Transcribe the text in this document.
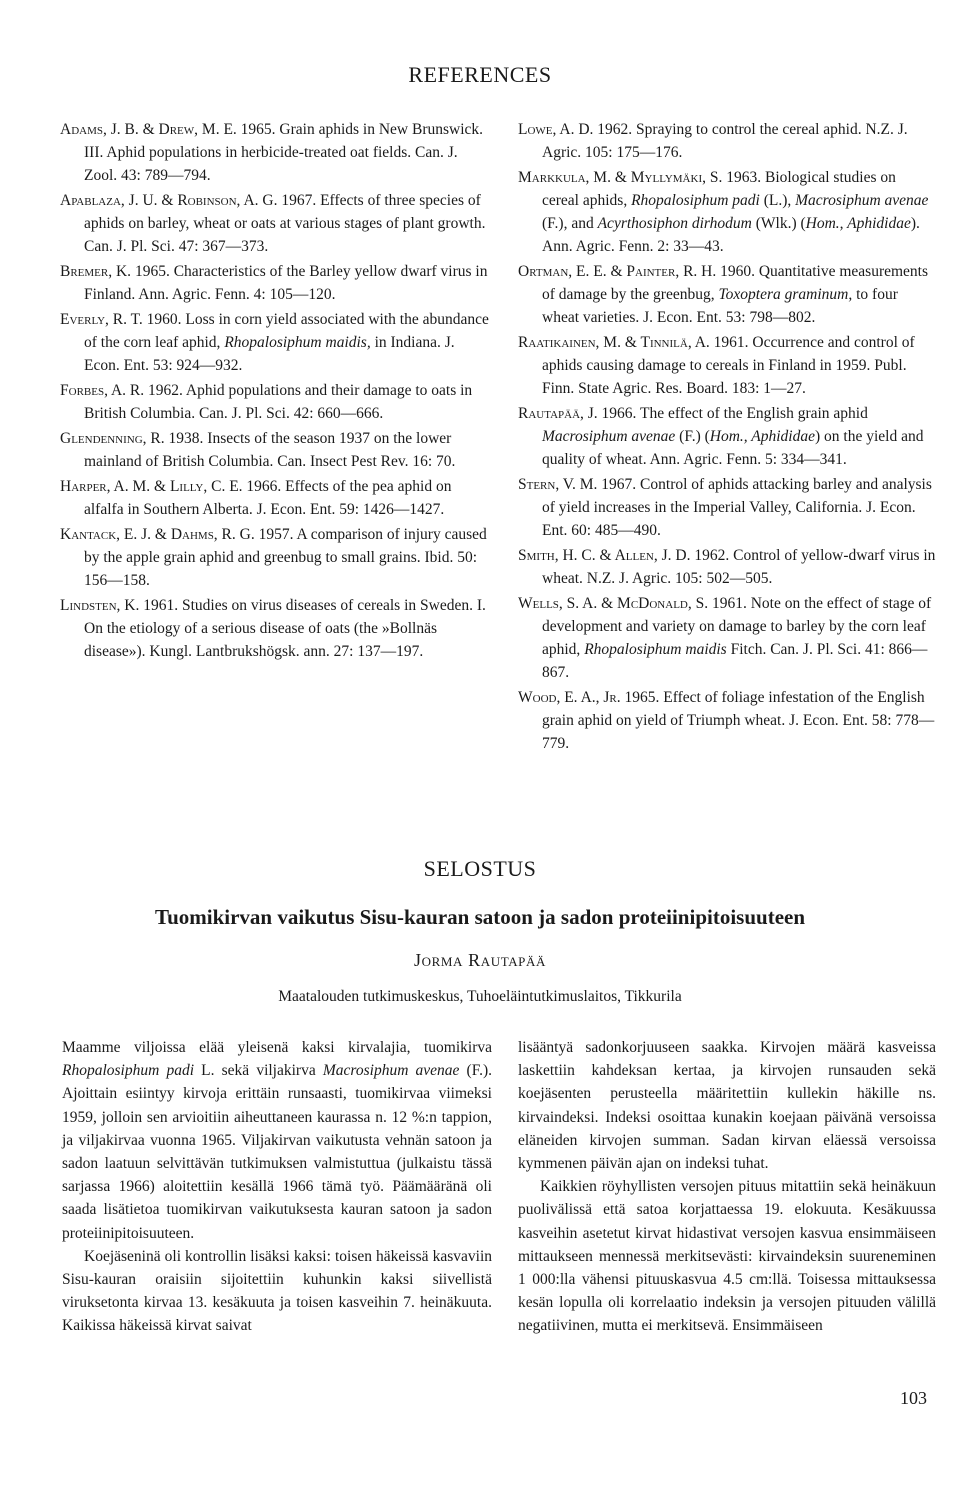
REFERENCES

Adams, J. B. & Drew, M. E. 1965. Grain aphids in New Brunswick. III. Aphid populations in herbicide-treated oat fields. Can. J. Zool. 43: 789—794.

Apablaza, J. U. & Robinson, A. G. 1967. Effects of three species of aphids on barley, wheat or oats at various stages of plant growth. Can. J. Pl. Sci. 47: 367—373.

Bremer, K. 1965. Characteristics of the Barley yellow dwarf virus in Finland. Ann. Agric. Fenn. 4: 105—120.

Everly, R. T. 1960. Loss in corn yield associated with the abundance of the corn leaf aphid, Rhopalosiphum maidis, in Indiana. J. Econ. Ent. 53: 924—932.

Forbes, A. R. 1962. Aphid populations and their damage to oats in British Columbia. Can. J. Pl. Sci. 42: 660—666.

Glendenning, R. 1938. Insects of the season 1937 on the lower mainland of British Columbia. Can. Insect Pest Rev. 16: 70.

Harper, A. M. & Lilly, C. E. 1966. Effects of the pea aphid on alfalfa in Southern Alberta. J. Econ. Ent. 59: 1426—1427.

Kantack, E. J. & Dahms, R. G. 1957. A comparison of injury caused by the apple grain aphid and greenbug to small grains. Ibid. 50: 156—158.

Lindsten, K. 1961. Studies on virus diseases of cereals in Sweden. I. On the etiology of a serious disease of oats (the »Bollnäs disease»). Kungl. Lantbrukshögsk. ann. 27: 137—197.

Lowe, A. D. 1962. Spraying to control the cereal aphid. N.Z. J. Agric. 105: 175—176.

Markkula, M. & Myllymäki, S. 1963. Biological studies on cereal aphids, Rhopalosiphum padi (L.), Macrosiphum avenae (F.), and Acyrthosiphon dirhodum (Wlk.) (Hom., Aphididae). Ann. Agric. Fenn. 2: 33—43.

Ortman, E. E. & Painter, R. H. 1960. Quantitative measurements of damage by the greenbug, Toxoptera graminum, to four wheat varieties. J. Econ. Ent. 53: 798—802.

Raatikainen, M. & Tinnilä, A. 1961. Occurrence and control of aphids causing damage to cereals in Finland in 1959. Publ. Finn. State Agric. Res. Board. 183: 1—27.

Rautapää, J. 1966. The effect of the English grain aphid Macrosiphum avenae (F.) (Hom., Aphididae) on the yield and quality of wheat. Ann. Agric. Fenn. 5: 334—341.

Stern, V. M. 1967. Control of aphids attacking barley and analysis of yield increases in the Imperial Valley, California. J. Econ. Ent. 60: 485—490.

Smith, H. C. & Allen, J. D. 1962. Control of yellow-dwarf virus in wheat. N.Z. J. Agric. 105: 502—505.

Wells, S. A. & McDonald, S. 1961. Note on the effect of stage of development and variety on damage to barley by the corn leaf aphid, Rhopalosiphum maidis Fitch. Can. J. Pl. Sci. 41: 866—867.

Wood, E. A., Jr. 1965. Effect of foliage infestation of the English grain aphid on yield of Triumph wheat. J. Econ. Ent. 58: 778—779.

SELOSTUS
Tuomikirvan vaikutus Sisu-kauran satoon ja sadon proteiinipitoisuuteen
Jorma Rautapää
Maatalouden tutkimuskeskus, Tuhoeläintutkimuslaitos, Tikkurila

Maamme viljoissa elää yleisenä kaksi kirvalajia, tuomikirva Rhopalosiphum padi L. sekä viljakirva Macrosiphum avenae (F.). Ajoittain esiintyy kirvoja erittäin runsaasti, tuomikirvaa viimeksi 1959, jolloin sen arvioitiin aiheuttaneen kaurassa n. 12 %:n tappion, ja viljakirvaa vuonna 1965. Viljakirvan vaikutusta vehnän satoon ja sadon laatuun selvittävän tutkimuksen valmistuttua (julkaistu tässä sarjassa 1966) aloitettiin kesällä 1966 tämä työ. Päämääränä oli saada lisätietoa tuomikirvan vaikutuksesta kauran satoon ja sadon proteiinipitoisuuteen.

Koejäseninä oli kontrollin lisäksi kaksi: toisen häkeissä kasvaviin Sisu-kauran oraisiin sijoitettiin kuhunkin kaksi siivellistä viruksetonta kirvaa 13. kesäkuuta ja toisen kasveihin 7. heinäkuuta. Kaikissa häkeissä kirvat saivat

lisääntyä sadonkorjuuseen saakka. Kirvojen määrä kasveissa laskettiin kahdeksan kertaa, ja kirvojen runsauden sekä koejäsenten perusteella määritettiin kullekin häkille ns. kirvaindeksi. Indeksi osoittaa kunakin koejaan päivänä versoissa eläneiden kirvojen summan. Sadan kirvan eläessä versoissa kymmenen päivän ajan on indeksi tuhat.

Kaikkien röyhyllisten versojen pituus mitattiin sekä heinäkuun puolivälissä että satoa korjattaessa 19. elokuuta. Kesäkuussa kasveihin asetetut kirvat hidastivat versojen kasvua ensimmäiseen mittaukseen mennessä merkitsevästi: kirvaindeksin suureneminen 1 000:lla vähensi pituuskasvua 4.5 cm:llä. Toisessa mittauksessa kesän lopulla oli korrelaatio indeksin ja versojen pituuden välillä negatiivinen, mutta ei merkitsevä. Ensimmäiseen

103
